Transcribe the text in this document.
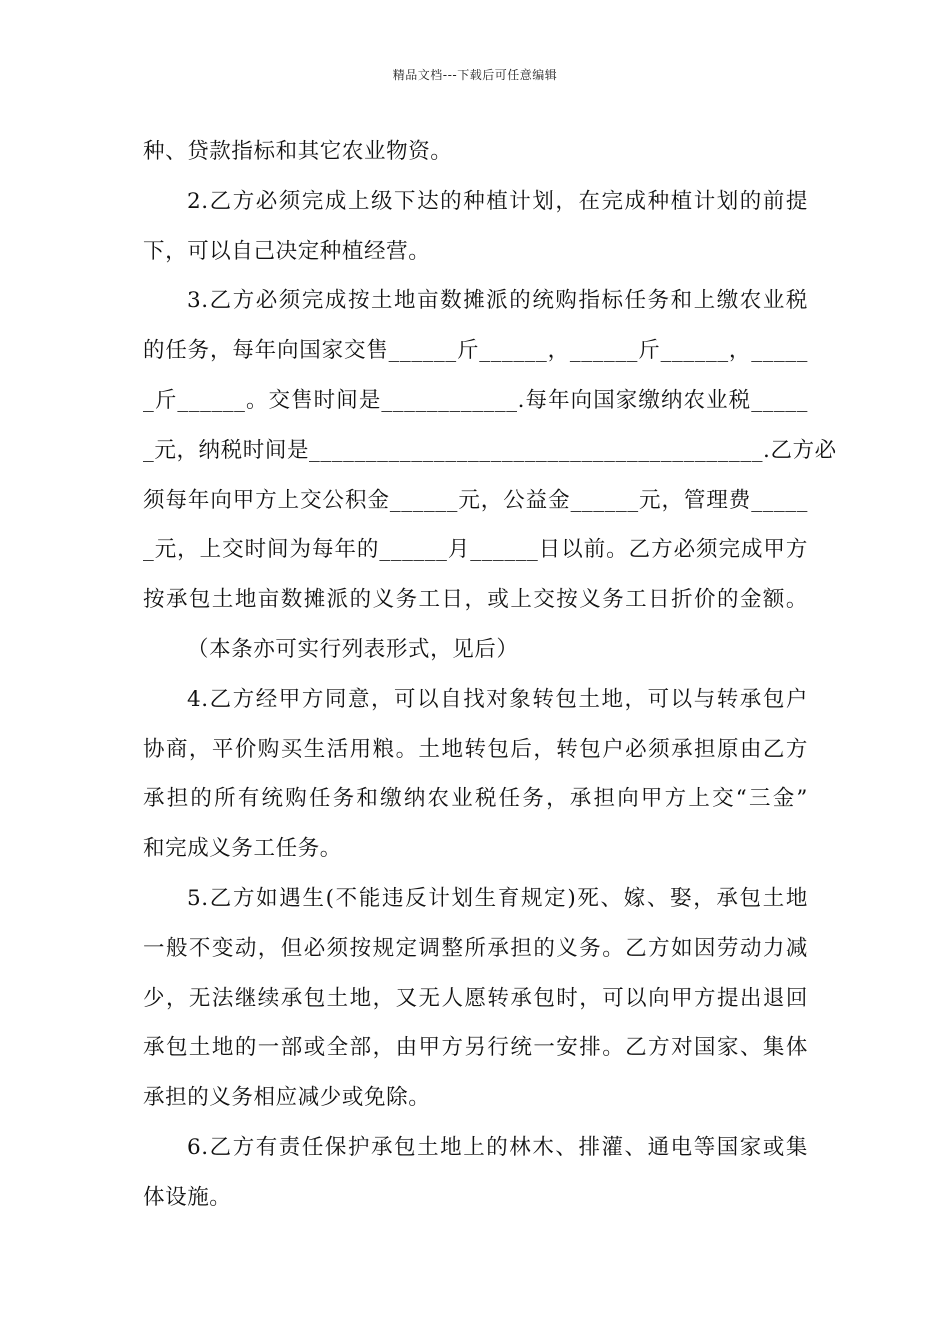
精品文档---下载后可任意编辑
种、贷款指标和其它农业物资。
2.乙方必须完成上级下达的种植计划，在完成种植计划的前提
下，可以自己决定种植经营。
3.乙方必须完成按土地亩数摊派的统购指标任务和上缴农业税
的任务，每年向国家交售______斤______，______斤______，_____
_斤______。交售时间是____________.每年向国家缴纳农业税_____
_元，纳税时间是________________________________________.乙方必
须每年向甲方上交公积金______元，公益金______元，管理费_____
_元，上交时间为每年的______月______日以前。乙方必须完成甲方
按承包土地亩数摊派的义务工日，或上交按义务工日折价的金额。
（本条亦可实行列表形式，见后）
4.乙方经甲方同意，可以自找对象转包土地，可以与转承包户
协商，平价购买生活用粮。土地转包后，转包户必须承担原由乙方
承担的所有统购任务和缴纳农业税任务，承担向甲方上交“三金”
和完成义务工任务。
5.乙方如遇生(不能违反计划生育规定)死、嫁、娶，承包土地
一般不变动，但必须按规定调整所承担的义务。乙方如因劳动力减
少，无法继续承包土地，又无人愿转承包时，可以向甲方提出退回
承包土地的一部或全部，由甲方另行统一安排。乙方对国家、集体
承担的义务相应减少或免除。
6.乙方有责任保护承包土地上的林木、排灌、通电等国家或集
体设施。
